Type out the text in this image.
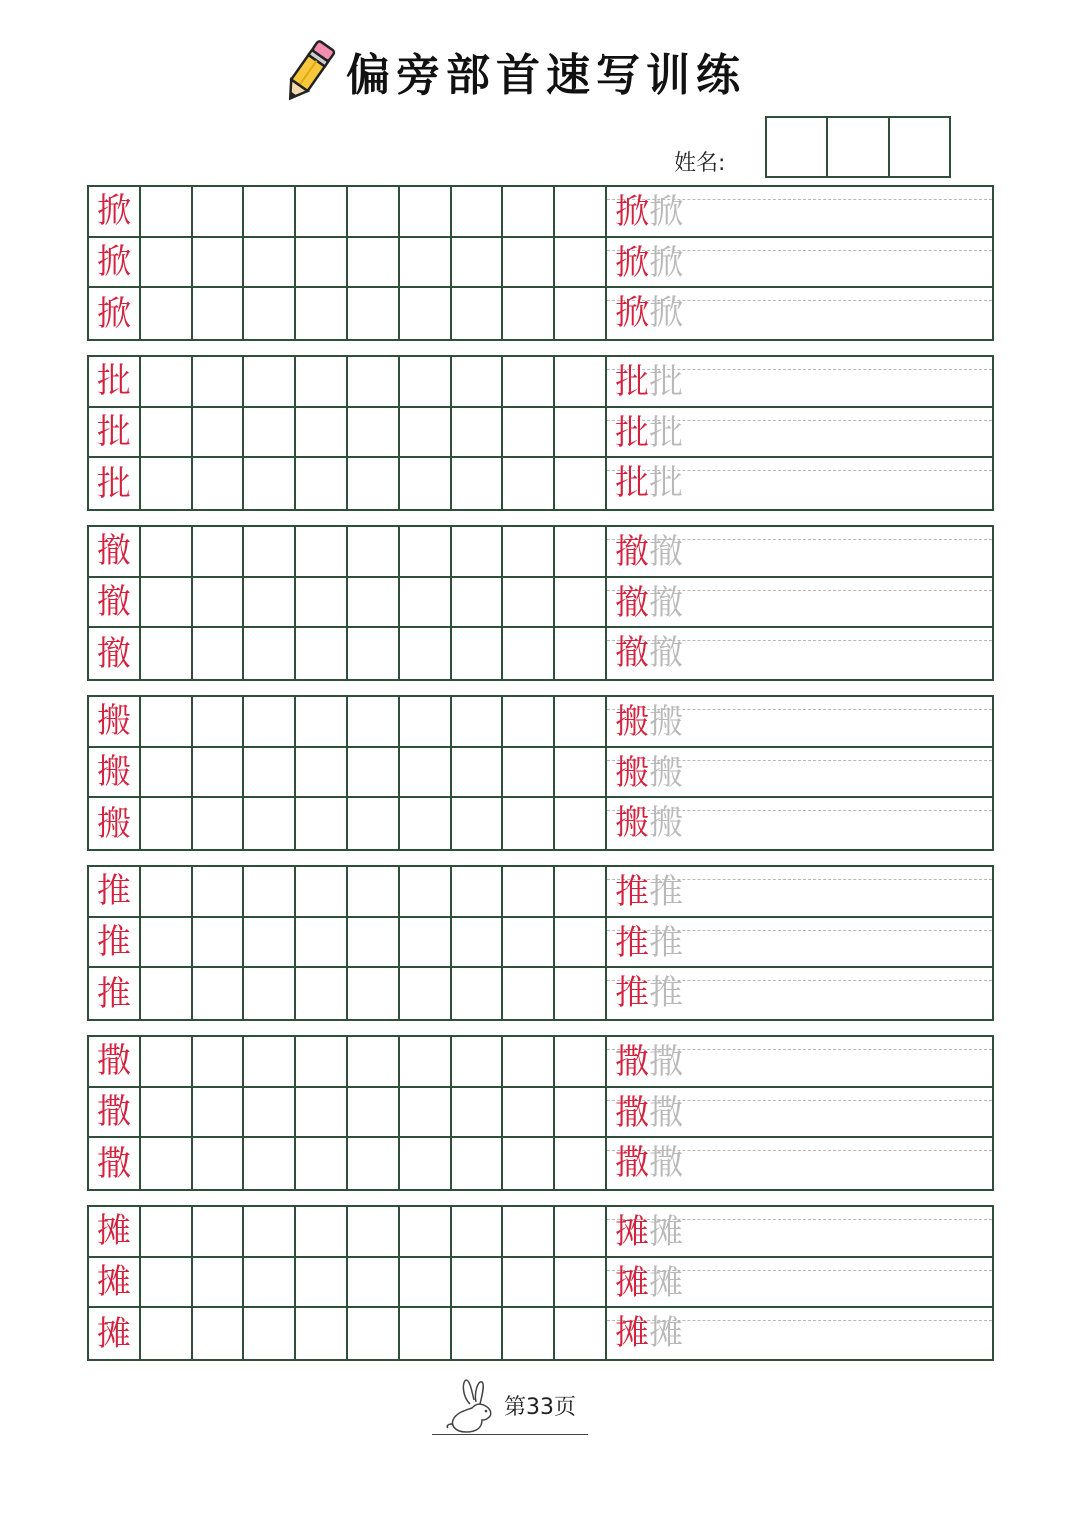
偏旁部首速写训练
姓名:
掀
掀
掀
掀掀
掀掀
掀掀
批
批
批
批批
批批
批批
撤
撤
撤
撤撤
撤撤
撤撤
搬
搬
搬
搬搬
搬搬
搬搬
推
推
推
推推
推推
推推
撒
撒
撒
撒撒
撒撒
撒撒
摊
摊
摊
摊摊
摊摊
摊摊
第33页
